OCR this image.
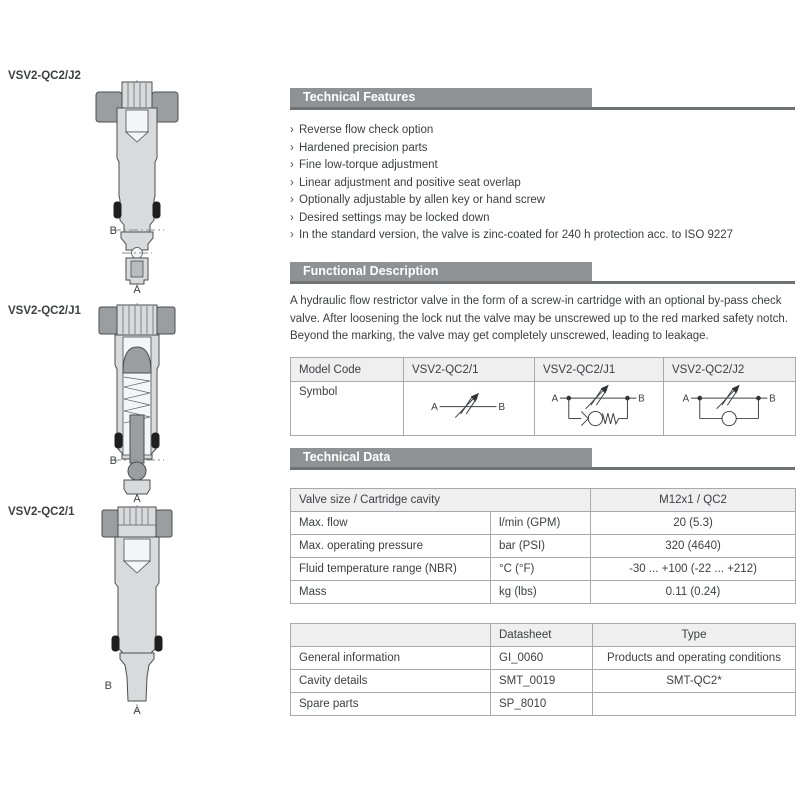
VSV2-QC2/J2
B
A
VSV2-QC2/J1
B
A
VSV2-QC2/1
B
A
Technical Features
› Reverse flow check option
› Hardened precision parts
› Fine low-torque adjustment
› Linear adjustment and positive seat overlap
› Optionally adjustable by allen key or hand screw
› Desired settings may be locked down
› In the standard version, the valve is zinc-coated for 240 h protection acc. to ISO 9227
Functional Description

A hydraulic flow restrictor valve in the form of a screw-in cartridge with an optional by-pass check valve. After loosening the lock nut the valve may be unscrewed up to the red marked safety notch. Beyond the marking, the valve may get completely unscrewed, leading to leakage.

Model Code	VSV2-QC2/1	VSV2-QC2/J1	VSV2-QC2/J2
Symbol	A B	A B	A B
Technical Data
Valve size / Cartridge cavity		M12x1 / QC2
Max. flow	l/min (GPM)	20 (5.3)
Max. operating pressure	bar (PSI)	320 (4640)
Fluid temperature range (NBR)	°C (°F)	-30 ... +100 (-22 ... +212)
Mass	kg (lbs)	0.11 (0.24)
	Datasheet	Type
General information	GI_0060	Products and operating conditions
Cavity details	SMT_0019	SMT-QC2*
Spare parts	SP_8010	
